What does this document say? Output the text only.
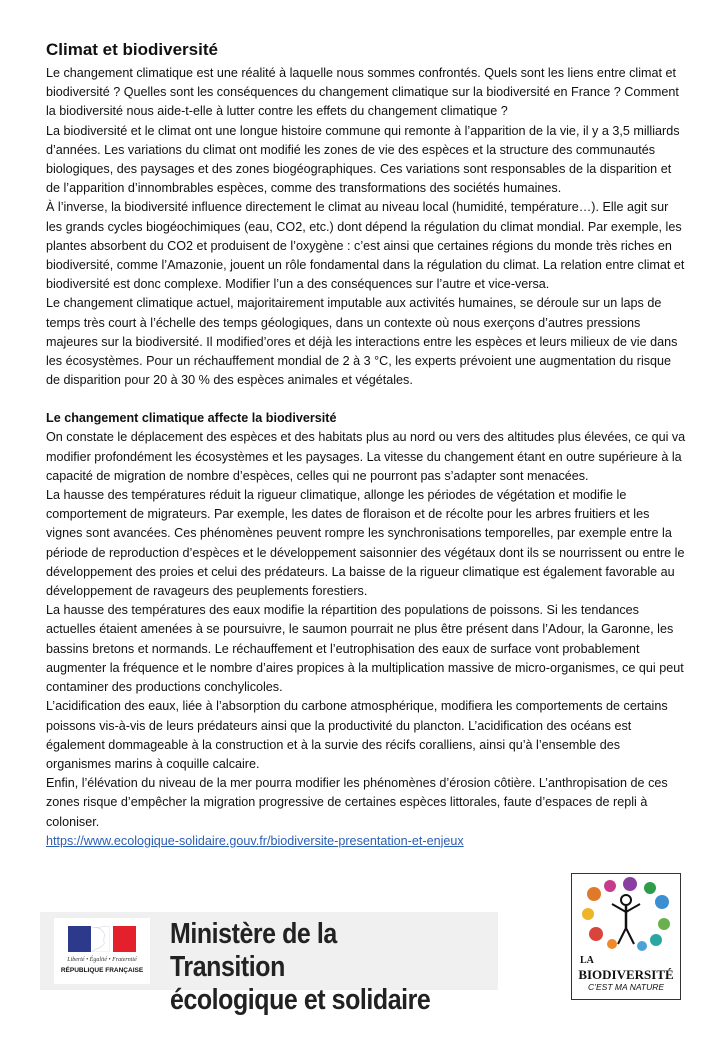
Climat et biodiversité

Le changement climatique est une réalité à laquelle nous sommes confrontés. Quels sont les liens entre climat et biodiversité ? Quelles sont les conséquences du changement climatique sur la biodiversité en France ? Comment la biodiversité nous aide-t-elle à lutter contre les effets du changement climatique ?

La biodiversité et le climat ont une longue histoire commune qui remonte à l’apparition de la vie, il y a 3,5 milliards d’années. Les variations du climat ont modifié les zones de vie des espèces et la structure des communautés biologiques, des paysages et des zones biogéographiques. Ces variations sont responsables de la disparition et de l’apparition d’innombrables espèces, comme des transformations des sociétés humaines.

À l’inverse, la biodiversité influence directement le climat au niveau local (humidité, température…). Elle agit sur les grands cycles biogéochimiques (eau, CO2, etc.) dont dépend la régulation du climat mondial. Par exemple, les plantes absorbent du CO2 et produisent de l’oxygène : c’est ainsi que certaines régions du monde très riches en biodiversité, comme l’Amazonie, jouent un rôle fondamental dans la régulation du climat. La relation entre climat et biodiversité est donc complexe. Modifier l’un a des conséquences sur l’autre et vice-versa.

Le changement climatique actuel, majoritairement imputable aux activités humaines, se déroule sur un laps de temps très court à l’échelle des temps géologiques, dans un contexte où nous exerçons d’autres pressions majeures sur la biodiversité. Il modified’ores et déjà les interactions entre les espèces et leurs milieux de vie dans les écosystèmes. Pour un réchauffement mondial de 2 à 3 °C, les experts prévoient une augmentation du risque de disparition pour 20 à 30 % des espèces animales et végétales.

Le changement climatique affecte la biodiversité

On constate le déplacement des espèces et des habitats plus au nord ou vers des altitudes plus élevées, ce qui va modifier profondément les écosystèmes et les paysages. La vitesse du changement étant en outre supérieure à la capacité de migration de nombre d’espèces, celles qui ne pourront pas s’adapter sont menacées.

La hausse des températures réduit la rigueur climatique, allonge les périodes de végétation et modifie le comportement de migrateurs. Par exemple, les dates de floraison et de récolte pour les arbres fruitiers et les vignes sont avancées. Ces phénomènes peuvent rompre les synchronisations temporelles, par exemple entre la période de reproduction d’espèces et le développement saisonnier des végétaux dont ils se nourrissent ou entre le développement des proies et celui des prédateurs. La baisse de la rigueur climatique est également favorable au développement de ravageurs des peuplements forestiers.

La hausse des températures des eaux modifie la répartition des populations de poissons. Si les tendances actuelles étaient amenées à se poursuivre, le saumon pourrait ne plus être présent dans l’Adour, la Garonne, les bassins bretons et normands. Le réchauffement et l’eutrophisation des eaux de surface vont probablement augmenter la fréquence et le nombre d’aires propices à la multiplication massive de micro-organismes, ce qui peut contaminer des productions conchylicoles.

L’acidification des eaux, liée à l’absorption du carbone atmosphérique, modifiera les comportements de certains poissons vis-à-vis de leurs prédateurs ainsi que la productivité du plancton. L’acidification des océans est également dommageable à la construction et à la survie des récifs coralliens, ainsi qu’à l’ensemble des organismes marins à coquille calcaire.

Enfin, l’élévation du niveau de la mer pourra modifier les phénomènes d’érosion côtière. L’anthropisation de ces zones risque d’empêcher la migration progressive de certaines espèces littorales, faute d’espaces de repli à coloniser.

https://www.ecologique-solidaire.gouv.fr/biodiversite-presentation-et-enjeux
Liberté • Égalité • Fraternité
RÉPUBLIQUE FRANÇAISE
Ministère de la Transition
écologique et solidaire
LA
BIODIVERSITÉ
C’EST MA NATURE
